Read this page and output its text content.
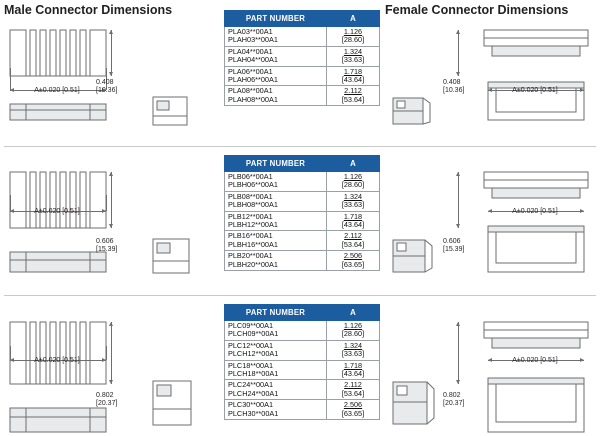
Male Connector Dimensions	Female Connector Dimensions
A±0.020 [0.51]
0.408
[10.36]
PART NUMBER	A

PLA03**00A1
PLAH03**00A1	1.126
[28.60]

PLA04**00A1
PLAH04**00A1	1.324
[33.63]

PLA06**00A1
PLAH06**00A1	1.718
[43.64]

PLA08**00A1
PLAH08**00A1	2.112
[53.64]
0.408
[10.36]	A±0.020 [0.51]
A±0.020 [0.51]
0.606
[15.39]
PART NUMBER	A

PLB06**00A1
PLBH06**00A1	1.126
[28.60]

PLB08**00A1
PLBH08**00A1	1.324
[33.63]

PLB12**00A1
PLBH12**00A1	1.718
[43.64]

PLB16**00A1
PLBH16**00A1	2.112
[53.64]

PLB20**00A1
PLBH20**00A1	2.506
[63.65]
0.606
[15.39]
A±0.020 [0.51]
A±0.020 [0.51]
0.802
[20.37]
PART NUMBER	A

PLC09**00A1
PLCH09**00A1	1.126
[28.60]

PLC12**00A1
PLCH12**00A1	1.324
[33.63]

PLC18**00A1
PLCH18**00A1	1.718
[43.64]

PLC24**00A1
PLCH24**00A1	2.112
[53.64]

PLC30**00A1
PLCH30**00A1	2.506
[63.65]
0.802
[20.37]
A±0.020 [0.51]
